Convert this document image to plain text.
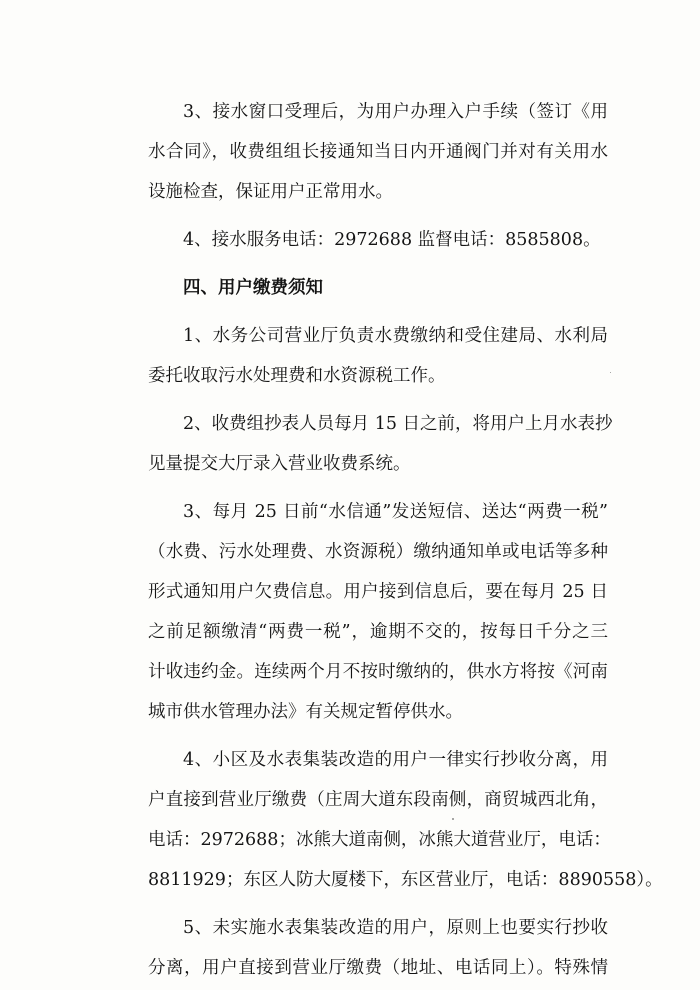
3、接水窗口受理后，为用户办理入户手续（签订《用
水合同》，收费组组长接通知当日内开通阀门并对有关用水
设施检查，保证用户正常用水。
4、接水服务电话：2972688 监督电话：8585808。
四、用户缴费须知
1、水务公司营业厅负责水费缴纳和受住建局、水利局
委托收取污水处理费和水资源税工作。
2、收费组抄表人员每月 15 日之前，将用户上月水表抄
见量提交大厅录入营业收费系统。
3、每月 25 日前“水信通”发送短信、送达“两费一税”
（水费、污水处理费、水资源税）缴纳通知单或电话等多种
形式通知用户欠费信息。用户接到信息后，要在每月 25 日
之前足额缴清“两费一税”，逾期不交的，按每日千分之三
计收违约金。连续两个月不按时缴纳的，供水方将按《河南
城市供水管理办法》有关规定暂停供水。
4、小区及水表集装改造的用户一律实行抄收分离，用
户直接到营业厅缴费（庄周大道东段南侧，商贸城西北角，
电话：2972688；冰熊大道南侧，冰熊大道营业厅，电话：
8811929；东区人防大厦楼下，东区营业厅，电话：8890558）。
5、未实施水表集装改造的用户，原则上也要实行抄收
分离，用户直接到营业厅缴费（地址、电话同上）。特殊情
